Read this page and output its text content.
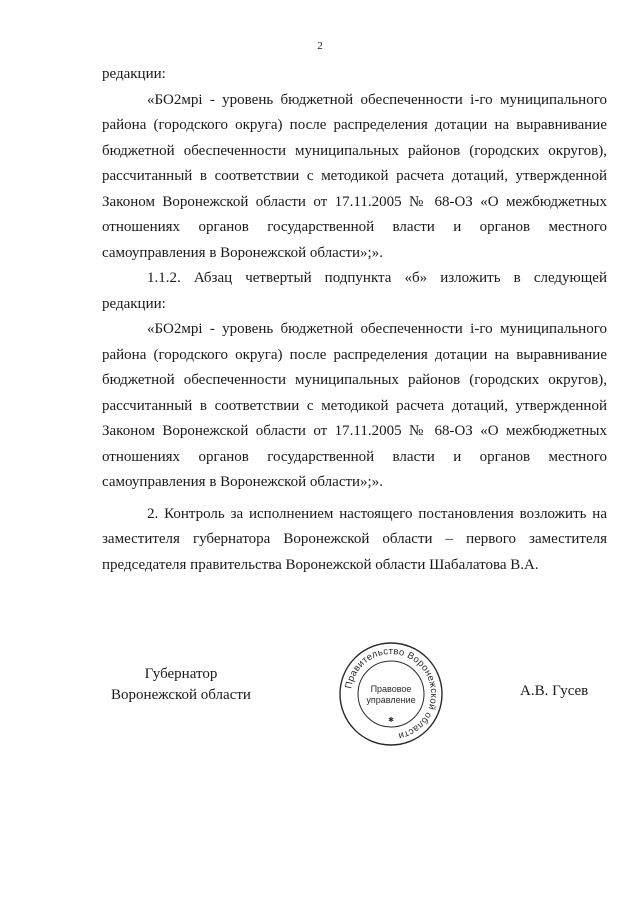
2

редакции:

«БО2мрi - уровень бюджетной обеспеченности i-го муниципального района (городского округа) после распределения дотации на выравнивание бюджетной обеспеченности муниципальных районов (городских округов), рассчитанный в соответствии с методикой расчета дотаций, утвержденной Законом Воронежской области от 17.11.2005 № 68-ОЗ «О межбюджетных отношениях органов государственной власти и органов местного самоуправления в Воронежской области»;».

1.1.2. Абзац четвертый подпункта «б» изложить в следующей редакции:

«БО2мрi - уровень бюджетной обеспеченности i-го муниципального района (городского округа) после распределения дотации на выравнивание бюджетной обеспеченности муниципальных районов (городских округов), рассчитанный в соответствии с методикой расчета дотаций, утвержденной Законом Воронежской области от 17.11.2005 № 68-ОЗ «О межбюджетных отношениях органов государственной власти и органов местного самоуправления в Воронежской области»;».

2. Контроль за исполнением настоящего постановления возложить на заместителя губернатора Воронежской области – первого заместителя председателя правительства Воронежской области Шабалатова В.А.

Губернатор
Воронежской области
Правительство Воронежской области
Правовое
управление
✱
А.В. Гусев
